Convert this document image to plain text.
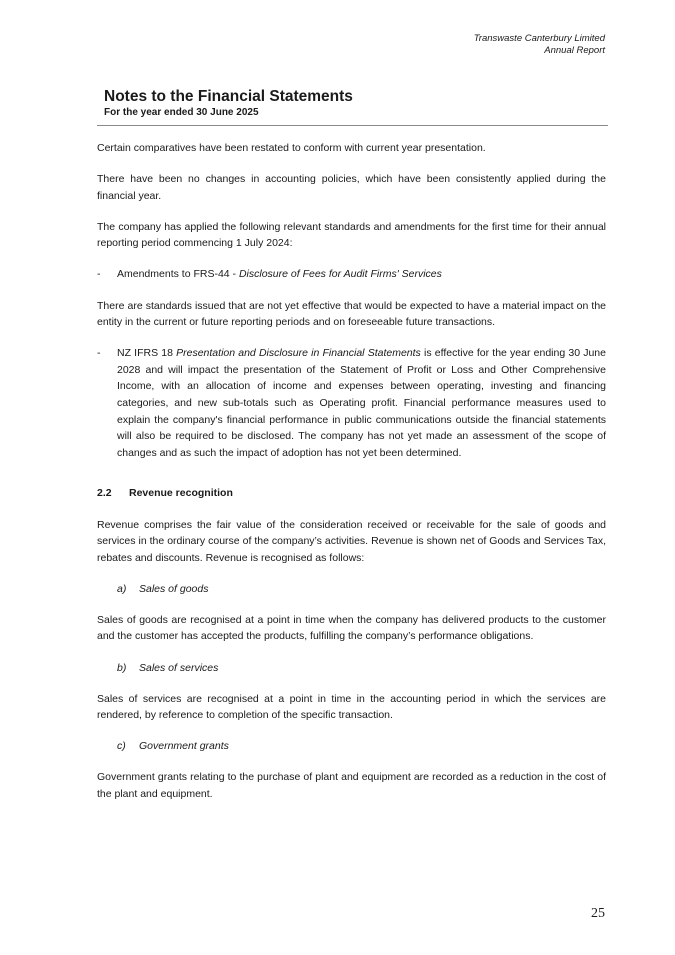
Transwaste Canterbury Limited
Annual Report
Notes to the Financial Statements
For the year ended 30 June 2025

Certain comparatives have been restated to conform with current year presentation.

There have been no changes in accounting policies, which have been consistently applied during the financial year.

The company has applied the following relevant standards and amendments for the first time for their annual reporting period commencing 1 July 2024:

-	Amendments to FRS-44 - Disclosure of Fees for Audit Firms' Services

There are standards issued that are not yet effective that would be expected to have a material impact on the entity in the current or future reporting periods and on foreseeable future transactions.

-	NZ IFRS 18 Presentation and Disclosure in Financial Statements is effective for the year ending 30 June 2028 and will impact the presentation of the Statement of Profit or Loss and Other Comprehensive Income, with an allocation of income and expenses between operating, investing and financing categories, and new sub-totals such as Operating profit. Financial performance measures used to explain the company's financial performance in public communications outside the financial statements will also be required to be disclosed. The company has not yet made an assessment of the scope of changes and as such the impact of adoption has not yet been determined.
2.2	Revenue recognition

Revenue comprises the fair value of the consideration received or receivable for the sale of goods and services in the ordinary course of the company’s activities. Revenue is shown net of Goods and Services Tax, rebates and discounts. Revenue is recognised as follows:

a)	Sales of goods

Sales of goods are recognised at a point in time when the company has delivered products to the customer and the customer has accepted the products, fulfilling the company’s performance obligations.

b)	Sales of services

Sales of services are recognised at a point in time in the accounting period in which the services are rendered, by reference to completion of the specific transaction.

c)	Government grants

Government grants relating to the purchase of plant and equipment are recorded as a reduction in the cost of the plant and equipment.

25
